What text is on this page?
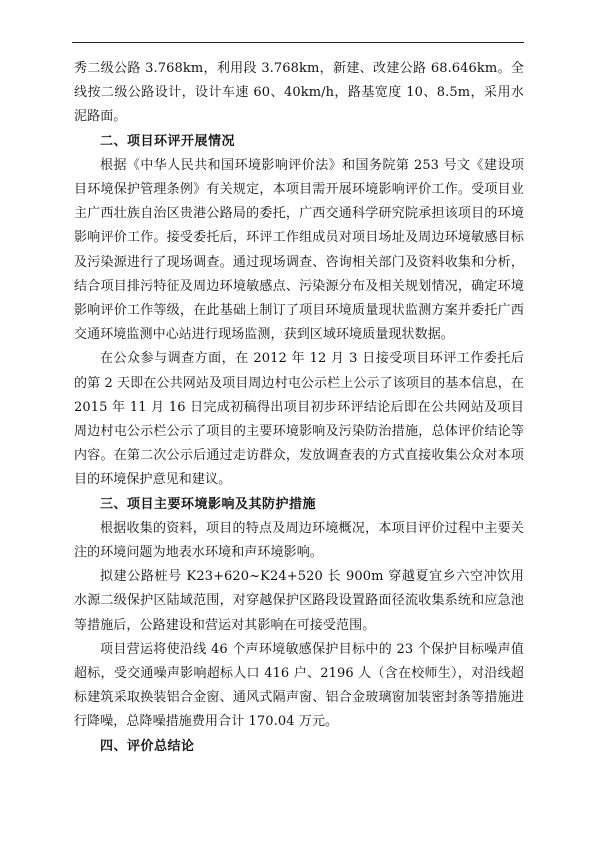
秀二级公路 3.768km，利用段 3.768km，新建、改建公路 68.646km。全线按二级公路设计，设计车速 60、40km/h，路基宽度 10、8.5m，采用水泥路面。

二、项目环评开展情况

根据《中华人民共和国环境影响评价法》和国务院第 253 号文《建设项目环境保护管理条例》有关规定，本项目需开展环境影响评价工作。受项目业主广西壮族自治区贵港公路局的委托，广西交通科学研究院承担该项目的环境影响评价工作。接受委托后，环评工作组成员对项目场址及周边环境敏感目标及污染源进行了现场调查。通过现场调查、咨询相关部门及资料收集和分析，结合项目排污特征及周边环境敏感点、污染源分布及相关规划情况，确定环境影响评价工作等级，在此基础上制订了项目环境质量现状监测方案并委托广西交通环境监测中心站进行现场监测，获到区域环境质量现状数据。

在公众参与调查方面，在 2012 年 12 月 3 日接受项目环评工作委托后的第 2 天即在公共网站及项目周边村屯公示栏上公示了该项目的基本信息，在 2015 年 11 月 16 日完成初稿得出项目初步环评结论后即在公共网站及项目周边村屯公示栏公示了项目的主要环境影响及污染防治措施，总体评价结论等内容。在第二次公示后通过走访群众，发放调查表的方式直接收集公众对本项目的环境保护意见和建议。

三、项目主要环境影响及其防护措施

根据收集的资料，项目的特点及周边环境概况，本项目评价过程中主要关注的环境问题为地表水环境和声环境影响。

拟建公路桩号 K23+620~K24+520 长 900m 穿越夏宜乡六空冲饮用水源二级保护区陆域范围，对穿越保护区路段设置路面径流收集系统和应急池等措施后，公路建设和营运对其影响在可接受范围。

项目营运将使沿线 46 个声环境敏感保护目标中的 23 个保护目标噪声值超标，受交通噪声影响超标人口 416 户、2196 人（含在校师生），对沿线超标建筑采取换装铝合金窗、通风式隔声窗、铝合金玻璃窗加装密封条等措施进行降噪，总降噪措施费用合计 170.04 万元。

四、评价总结论
